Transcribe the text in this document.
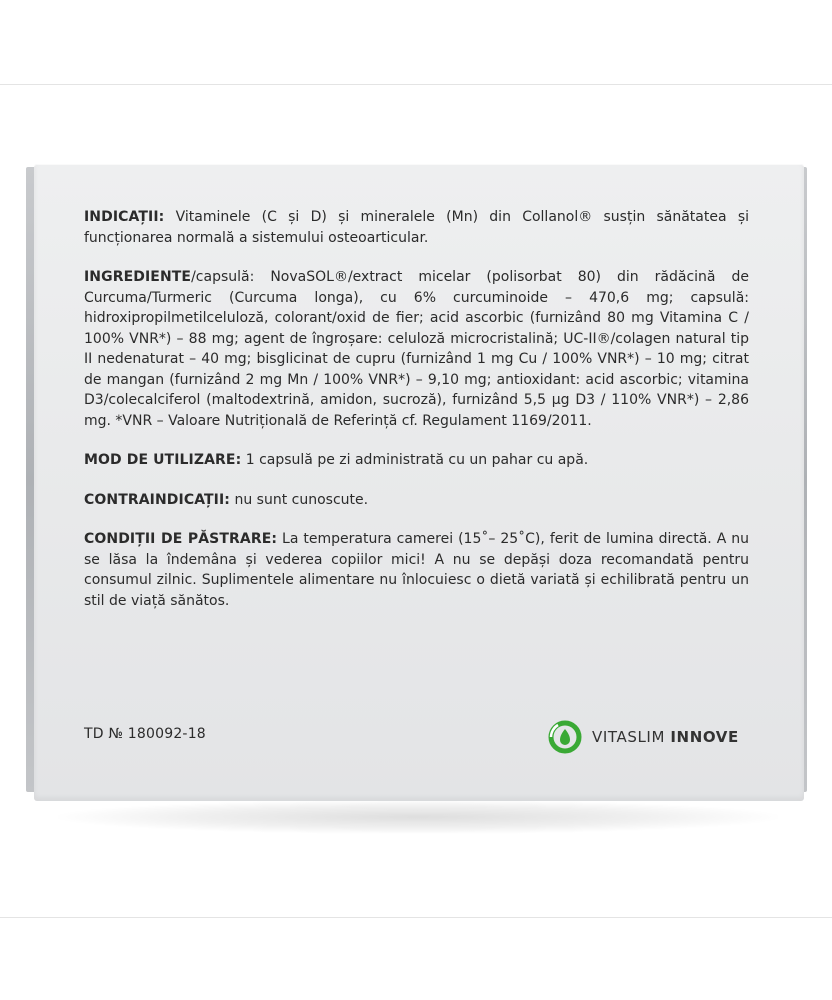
INDICAȚII: Vitaminele (C și D) și mineralele (Mn) din Collanol® susțin sănătatea și funcționarea normală a sistemului osteoarticular.

INGREDIENTE/capsulă: NovaSOL®/extract micelar (polisorbat 80) din rădăcină de Curcuma/Turmeric (Curcuma longa), cu 6% curcuminoide – 470,6 mg; capsulă: hidroxipropilmetilceluloză, colorant/oxid de fier; acid ascorbic (furnizând 80 mg Vitamina C / 100% VNR*) – 88 mg; agent de îngroșare: celuloză microcristalină; UC-II®/colagen natural tip II nedenaturat – 40 mg; bisglicinat de cupru (furnizând 1 mg Cu / 100% VNR*) – 10 mg; citrat de mangan (furnizând 2 mg Mn / 100% VNR*) – 9,10 mg; antioxidant: acid ascorbic; vitamina D3/colecalciferol (maltodextrină, amidon, sucroză), furnizând 5,5 µg D3 / 110% VNR*) – 2,86 mg. *VNR – Valoare Nutrițională de Referință cf. Regulament 1169/2011.

MOD DE UTILIZARE: 1 capsulă pe zi administrată cu un pahar cu apă.

CONTRAINDICAȚII: nu sunt cunoscute.

CONDIȚII DE PĂSTRARE: La temperatura camerei (15˚– 25˚C), ferit de lumina directă. A nu se lăsa la îndemâna și vederea copiilor mici! A nu se depăși doza recomandată pentru consumul zilnic. Suplimentele alimentare nu înlocuiesc o dietă variată și echilibrată pentru un stil de viață sănătos.

TD № 180092-18	VITASLIM INNOVE
